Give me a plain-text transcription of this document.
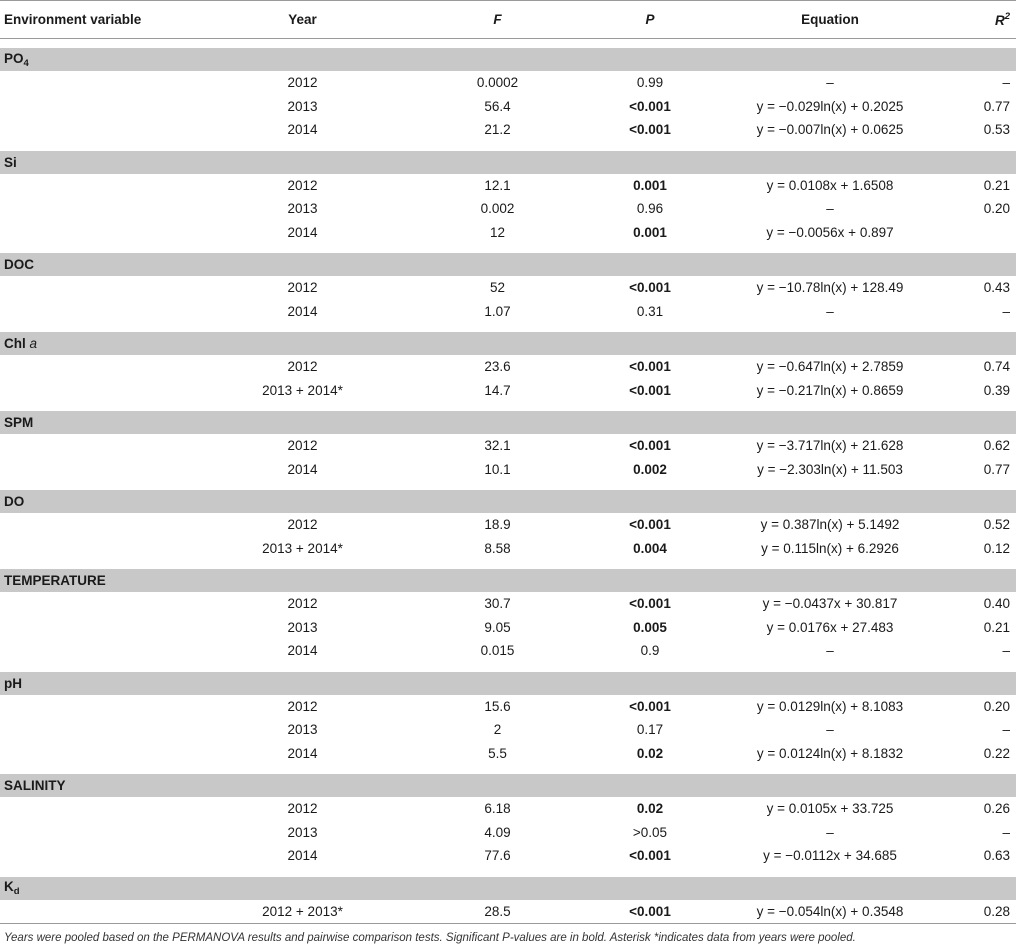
Environment variable	Year	F	P	Equation	$R^2$

$PO_4$
	2012	0.0002	0.99	–	–
	2013	56.4	<0.001	y = −0.029ln(x) + 0.2025	0.77
	2014	21.2	<0.001	y = −0.007ln(x) + 0.0625	0.53

Si					
	2012	12.1	0.001	y = 0.0108x + 1.6508	0.21
	2013	0.002	0.96	–	0.20
	2014	12	0.001	y = −0.0056x + 0.897	

DOC					
	2012	52	<0.001	y = −10.78ln(x) + 128.49	0.43
	2014	1.07	0.31	–	–

Chl a					
	2012	23.6	<0.001	y = −0.647ln(x) + 2.7859	0.74
	2013 + 2014*	14.7	<0.001	y = −0.217ln(x) + 0.8659	0.39

SPM					
	2012	32.1	<0.001	y = −3.717ln(x) + 21.628	0.62
	2014	10.1	0.002	y = −2.303ln(x) + 11.503	0.77

DO					
	2012	18.9	<0.001	y = 0.387ln(x) + 5.1492	0.52
	2013 + 2014*	8.58	0.004	y = 0.115ln(x) + 6.2926	0.12

TEMPERATURE					
	2012	30.7	<0.001	y = −0.0437x + 30.817	0.40
	2013	9.05	0.005	y = 0.0176x + 27.483	0.21
	2014	0.015	0.9	–	–

pH					
	2012	15.6	<0.001	y = 0.0129ln(x) + 8.1083	0.20
	2013	2	0.17	–	–
	2014	5.5	0.02	y = 0.0124ln(x) + 8.1832	0.22

SALINITY					
	2012	6.18	0.02	y = 0.0105x + 33.725	0.26
	2013	4.09	>0.05	–	–
	2014	77.6	<0.001	y = −0.0112x + 34.685	0.63

$K_d$
	2012 + 2013*	28.5	<0.001	y = −0.054ln(x) + 0.3548	0.28
Years were pooled based on the PERMANOVA results and pairwise comparison tests. Significant P-values are in bold. Asterisk *indicates data from years were pooled.
